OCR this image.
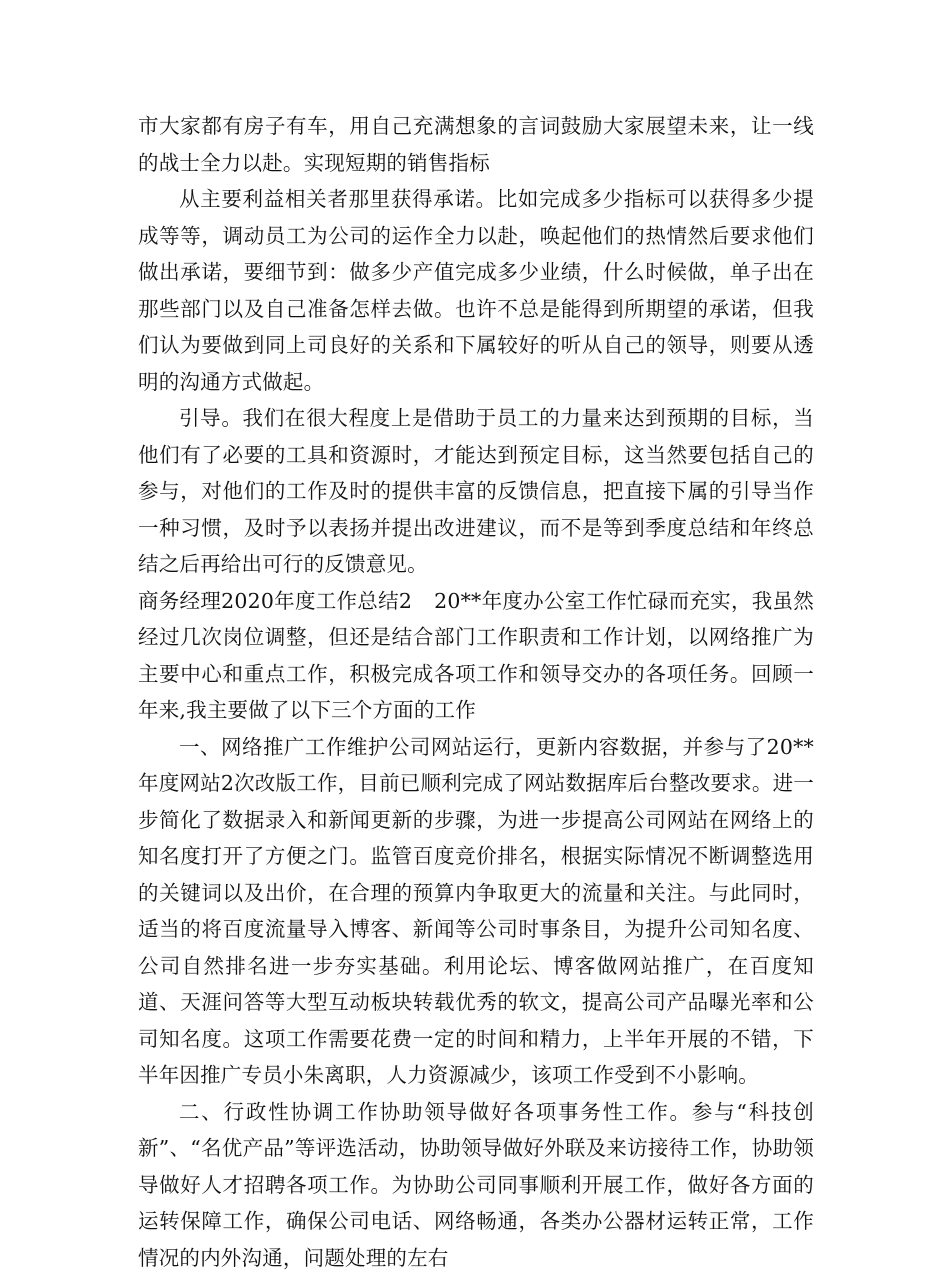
市大家都有房子有车，用自己充满想象的言词鼓励大家展望未来，让一线的战士全力以赴。实现短期的销售指标

从主要利益相关者那里获得承诺。比如完成多少指标可以获得多少提成等等，调动员工为公司的运作全力以赴，唤起他们的热情然后要求他们做出承诺，要细节到：做多少产值完成多少业绩，什么时候做，单子出在那些部门以及自己准备怎样去做。也许不总是能得到所期望的承诺，但我们认为要做到同上司良好的关系和下属较好的听从自己的领导，则要从透明的沟通方式做起。

引导。我们在很大程度上是借助于员工的力量来达到预期的目标，当他们有了必要的工具和资源时，才能达到预定目标，这当然要包括自己的参与，对他们的工作及时的提供丰富的反馈信息，把直接下属的引导当作一种习惯，及时予以表扬并提出改进建议，而不是等到季度总结和年终总结之后再给出可行的反馈意见。

商务经理2020年度工作总结2 20**年度办公室工作忙碌而充实，我虽然经过几次岗位调整，但还是结合部门工作职责和工作计划，以网络推广为主要中心和重点工作，积极完成各项工作和领导交办的各项任务。回顾一年来,我主要做了以下三个方面的工作

一、网络推广工作维护公司网站运行，更新内容数据，并参与了20**年度网站2次改版工作，目前已顺利完成了网站数据库后台整改要求。进一步简化了数据录入和新闻更新的步骤，为进一步提高公司网站在网络上的知名度打开了方便之门。监管百度竞价排名，根据实际情况不断调整选用的关键词以及出价，在合理的预算内争取更大的流量和关注。与此同时，适当的将百度流量导入博客、新闻等公司时事条目，为提升公司知名度、公司自然排名进一步夯实基础。利用论坛、博客做网站推广，在百度知道、天涯问答等大型互动板块转载优秀的软文，提高公司产品曝光率和公司知名度。这项工作需要花费一定的时间和精力，上半年开展的不错，下半年因推广专员小朱离职，人力资源减少，该项工作受到不小影响。

二、行政性协调工作协助领导做好各项事务性工作。参与“科技创新”、“名优产品”等评选活动，协助领导做好外联及来访接待工作，协助领导做好人才招聘各项工作。为协助公司同事顺利开展工作，做好各方面的运转保障工作，确保公司电话、网络畅通，各类办公器材运转正常，工作情况的内外沟通，问题处理的左右
